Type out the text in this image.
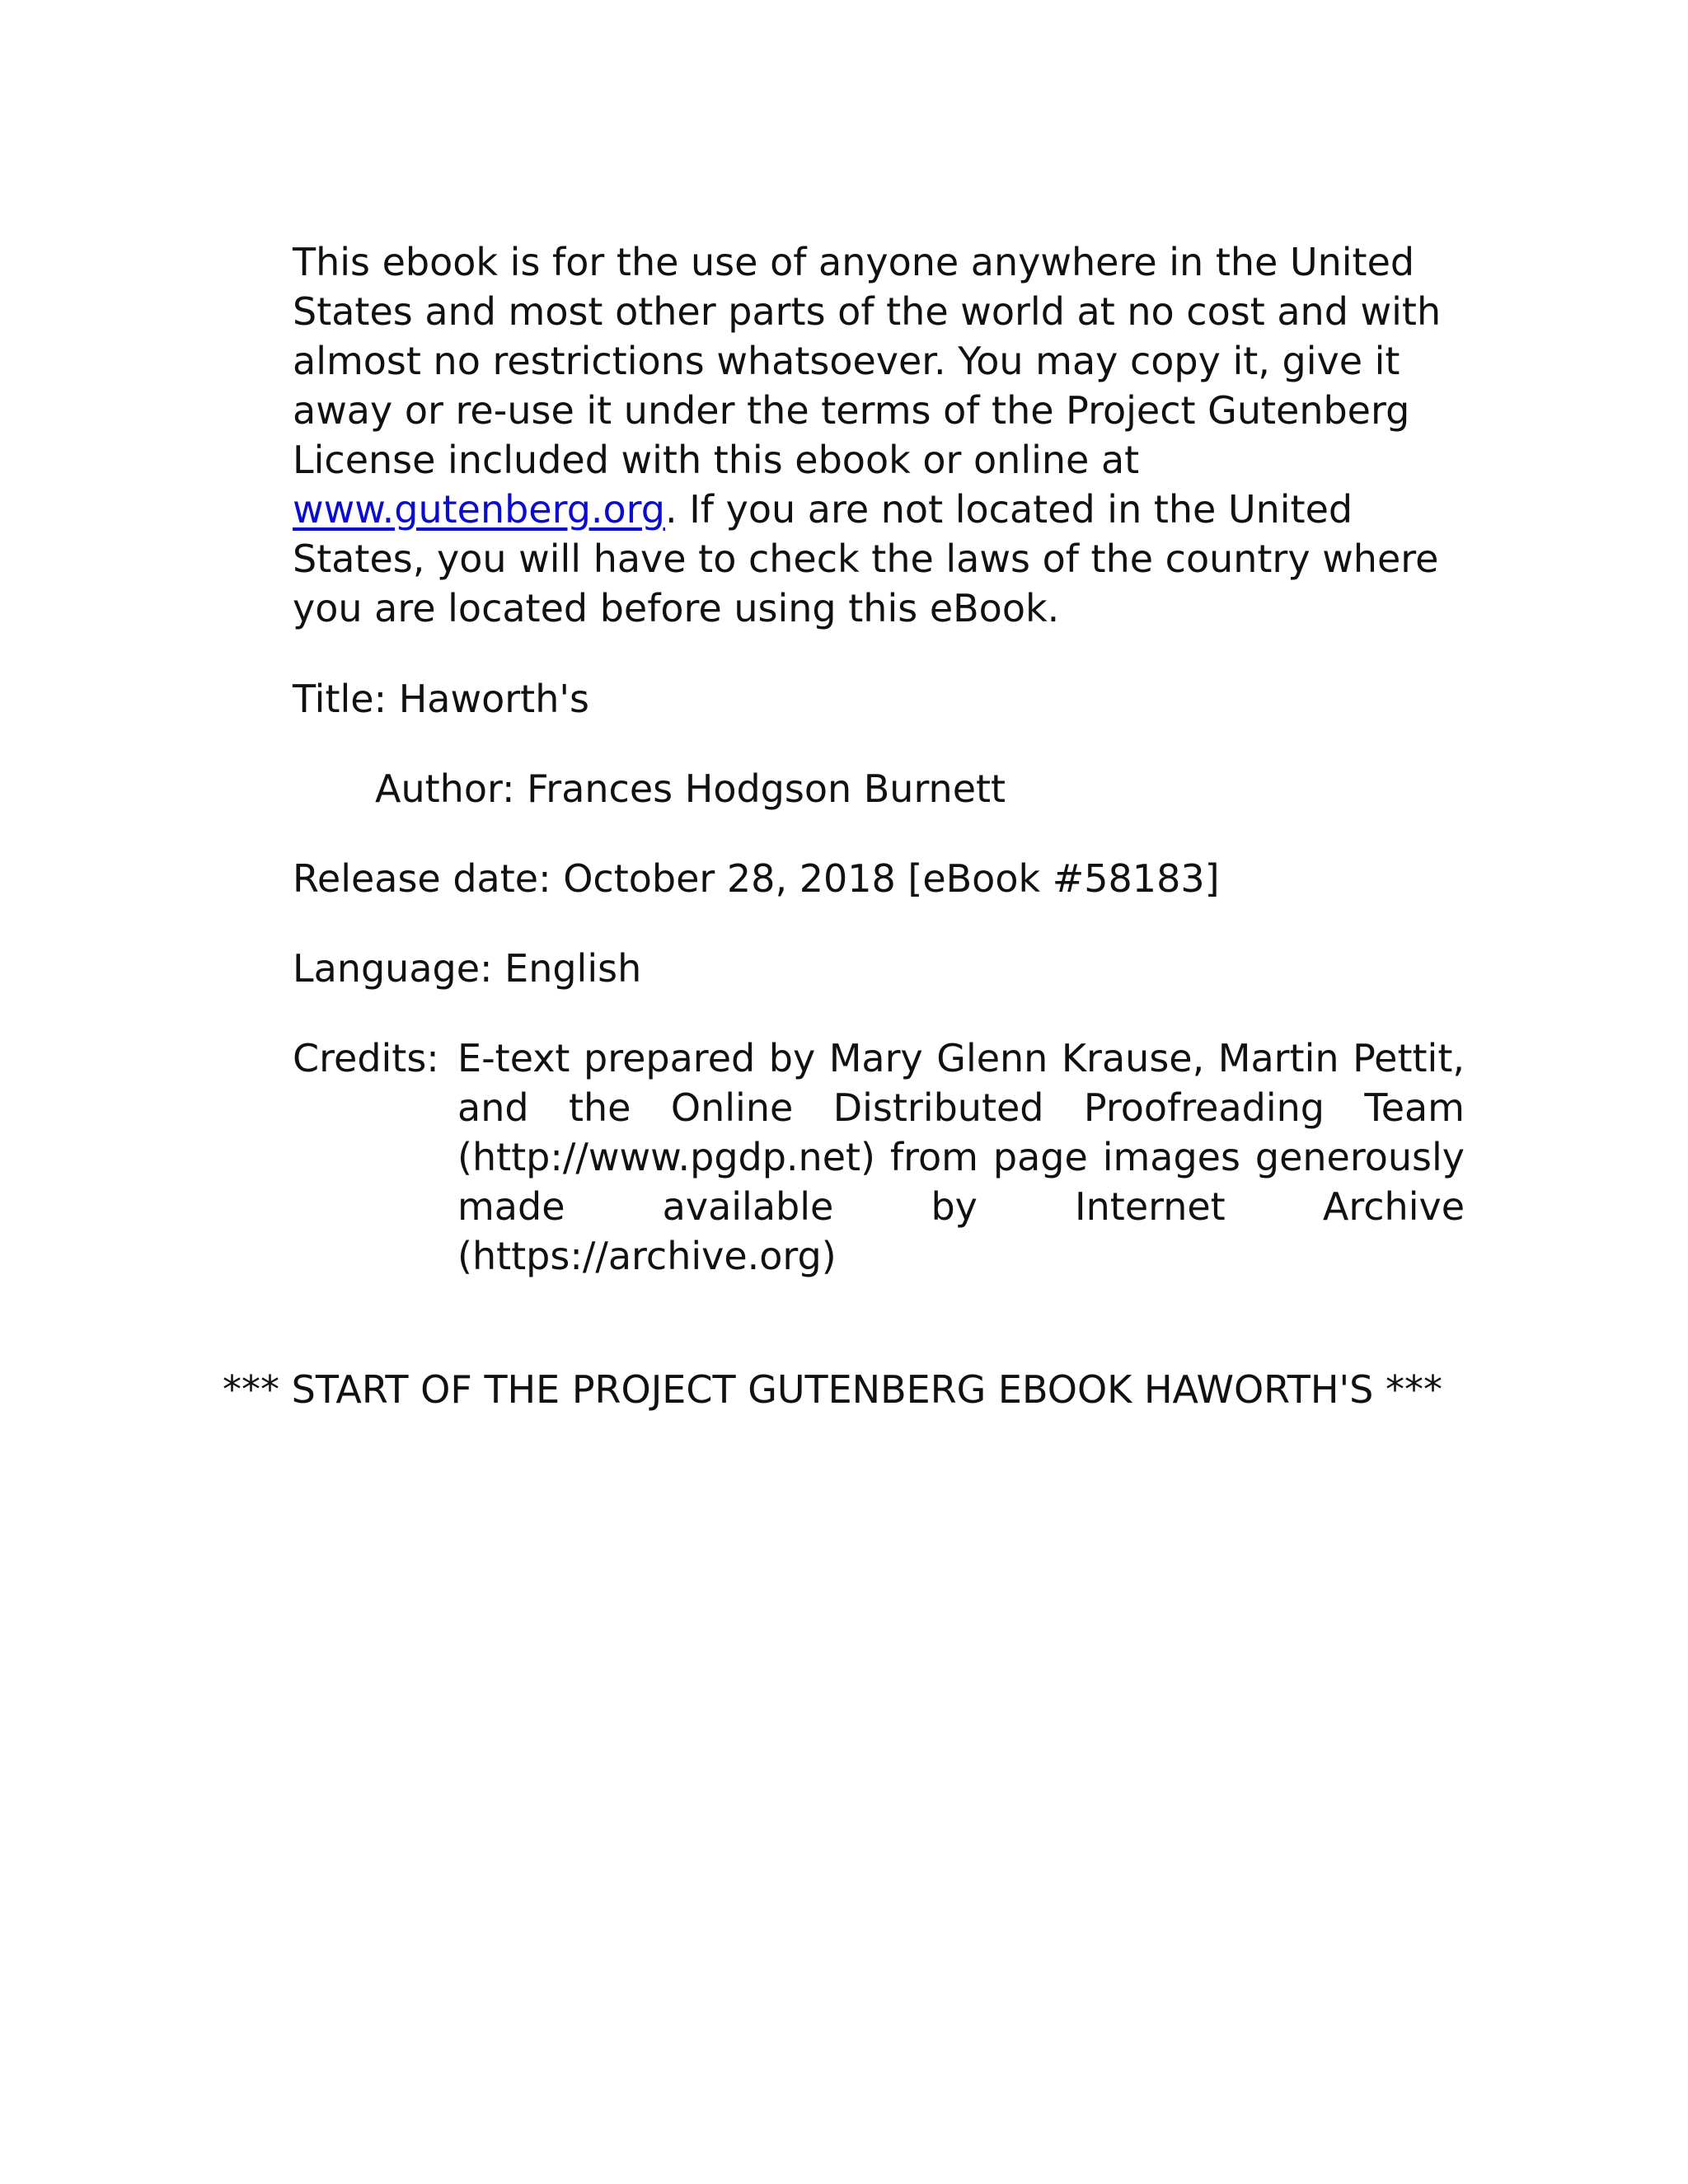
This ebook is for the use of anyone anywhere in the United States and most other parts of the world at no cost and with almost no restrictions whatsoever. You may copy it, give it away or re-use it under the terms of the Project Gutenberg License included with this ebook or online at www.gutenberg.org. If you are not located in the United States, you will have to check the laws of the country where you are located before using this eBook.

Title: Haworth's

Author: Frances Hodgson Burnett

Release date: October 28, 2018 [eBook #58183]

Language: English

Credits: E-text prepared by Mary Glenn Krause, Martin Pettit, and the Online Distributed Proofreading Team (http://www.pgdp.net) from page images generously made available by Internet Archive (https://archive.org)

*** START OF THE PROJECT GUTENBERG EBOOK HAWORTH'S ***
